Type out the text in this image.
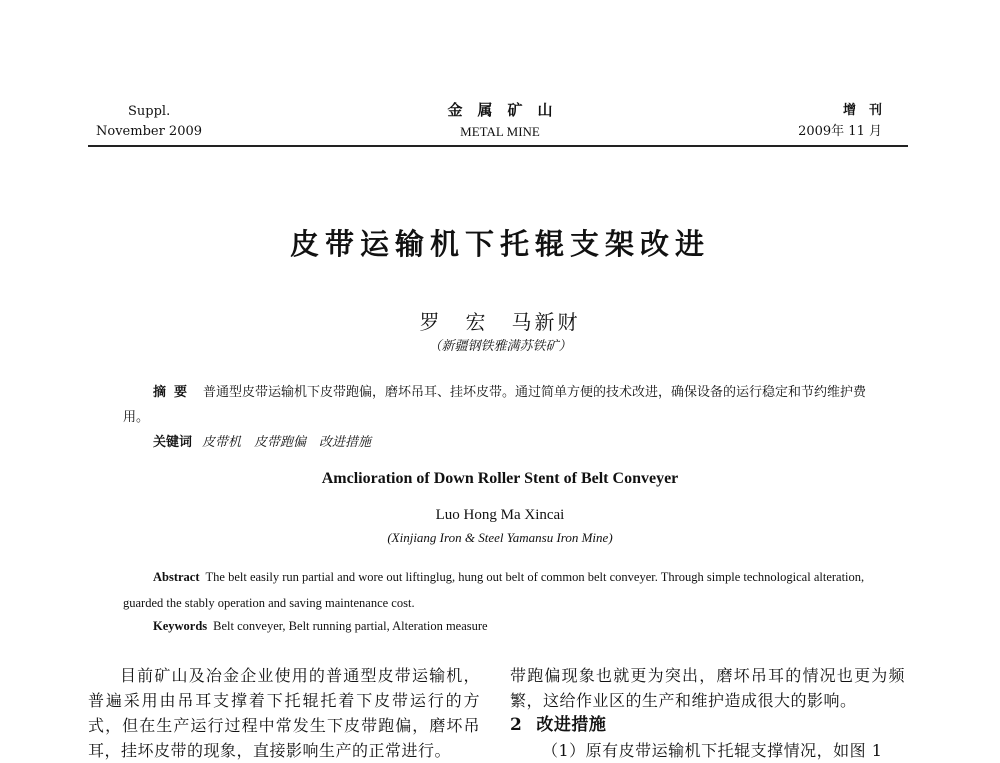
Suppl.
November 2009
金　属　矿　山
METAL MINE
增　刊
2009年 11 月
皮带运输机下托辊支架改进
罗　宏　马新财
（新疆钢铁雅满苏铁矿）
摘要 普通型皮带运输机下皮带跑偏，磨坏吊耳、挂坏皮带。通过简单方便的技术改进，确保设备的运行稳定和节约维护费用。
关键词 皮带机　皮带跑偏　改进措施
Amclioration of Down Roller Stent of Belt Conveyer
Luo Hong Ma Xincai
(Xinjiang Iron & Steel Yamansu Iron Mine)
Abstract The belt easily run partial and wore out liftinglug, hung out belt of common belt conveyer. Through simple technological alteration, guarded the stably operation and saving maintenance cost.
Keywords Belt conveyer, Belt running partial, Alteration measure
目前矿山及冶金企业使用的普通型皮带运输机，普遍采用由吊耳支撑着下托辊托着下皮带运行的方式，但在生产运行过程中常发生下皮带跑偏，磨坏吊耳，挂坏皮带的现象，直接影响生产的正常进行。

带跑偏现象也就更为突出，磨坏吊耳的情况也更为频繁，这给作业区的生产和维护造成很大的影响。

2 改进措施

（1）原有皮带运输机下托辊支撑情况，如图 1
